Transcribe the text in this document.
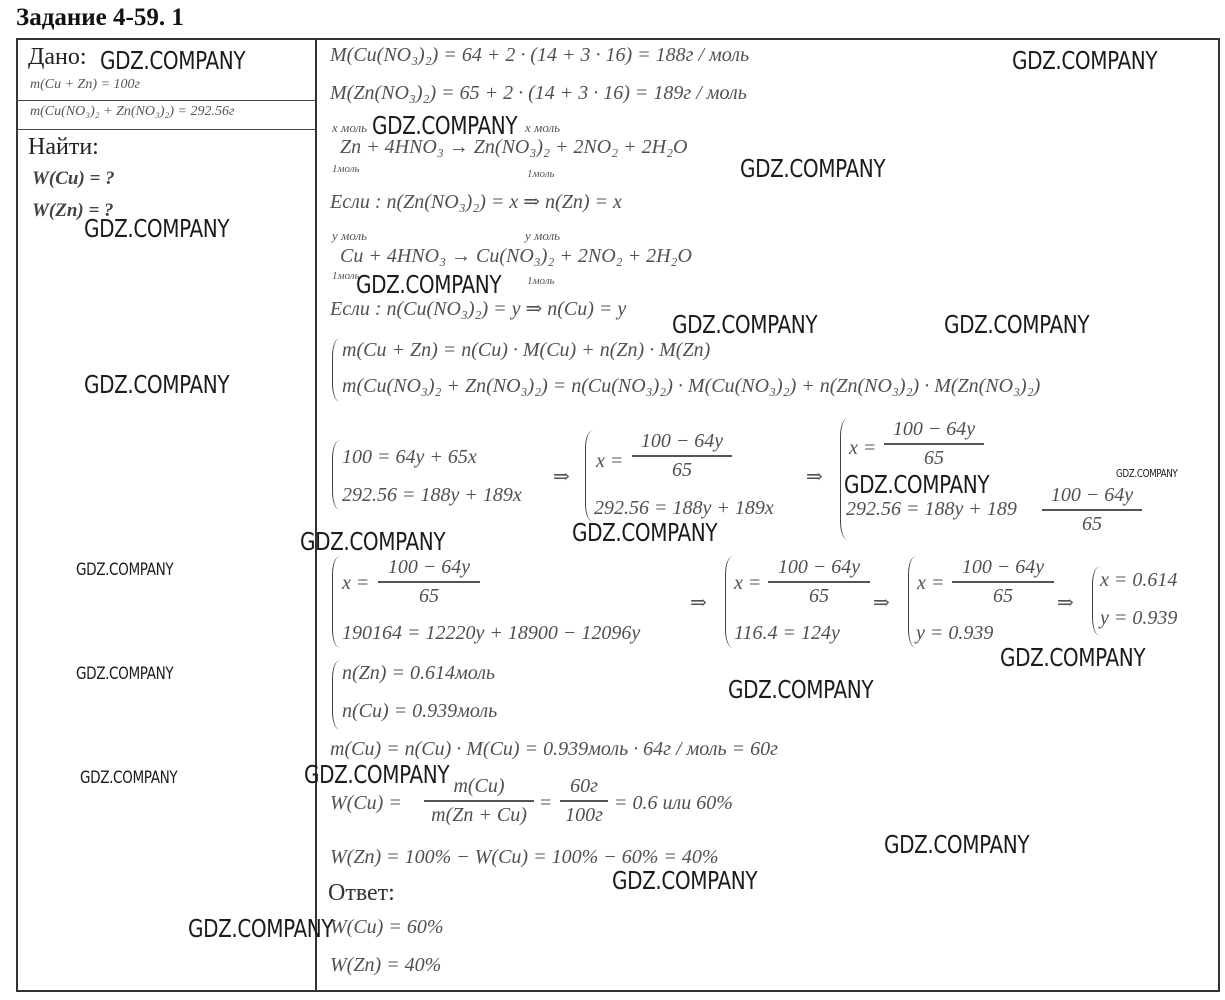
Задание 4-59. 1
Дано:
m(Cu + Zn) = 100г
m(Cu(NO₃)₂ + Zn(NO₃)₂) = 292.56г
Найти:
W(Cu) = ?
W(Zn) = ?
M(Cu(NO₃)₂) = 64 + 2 · (14 + 3 · 16) = 188г / моль
M(Zn(NO₃)₂) = 65 + 2 · (14 + 3 · 16) = 189г / моль
x моль	x моль
Zn + 4HNO₃ → Zn(NO₃)₂ + 2NO₂ + 2H₂O
1моль	1моль
Если : n(Zn(NO₃)₂) = x ⇒ n(Zn) = x
y моль	y моль
Cu + 4HNO₃ → Cu(NO₃)₂ + 2NO₂ + 2H₂O
1моль	1моль
Если : n(Cu(NO₃)₂) = y ⇒ n(Cu) = y
m(Cu + Zn) = n(Cu) · M(Cu) + n(Zn) · M(Zn)
m(Cu(NO₃)₂ + Zn(NO₃)₂) = n(Cu(NO₃)₂) · M(Cu(NO₃)₂) + n(Zn(NO₃)₂) · M(Zn(NO₃)₂)
100 = 64y + 65x
292.56 = 188y + 189x
⇒
x =
100 − 64y
65
292.56 = 188y + 189x
⇒
x =
100 − 64y
65
292.56 = 188y + 189
100 − 64y
65
x =
100 − 64y
65
190164 = 12220y + 18900 − 12096y
⇒
x =
100 − 64y
65
116.4 = 124y
⇒
x =
100 − 64y
65
y = 0.939
⇒
x = 0.614
y = 0.939
n(Zn) = 0.614моль
n(Cu) = 0.939моль
m(Cu) = n(Cu) · M(Cu) = 0.939моль · 64г / моль = 60г
W(Cu) =
m(Cu)
m(Zn + Cu)
=
60г
100г
= 0.6 или 60%
W(Zn) = 100% − W(Cu) = 100% − 60% = 40%
Ответ:
W(Cu) = 60%
W(Zn) = 40%
GDZ.COMPANY	GDZ.COMPANY
GDZ.COMPANY
GDZ.COMPANY
GDZ.COMPANY
GDZ.COMPANY
GDZ.COMPANY	GDZ.COMPANY
GDZ.COMPANY
GDZ.COMPANY
GDZ.COMPANY
GDZ.COMPANY
GDZ.COMPANY
GDZ.COMPANY
GDZ.COMPANY
GDZ.COMPANY
GDZ.COMPANY
GDZ.COMPANY
GDZ.COMPANY
GDZ.COMPANY
GDZ.COMPANY
GDZ.COMPANY
